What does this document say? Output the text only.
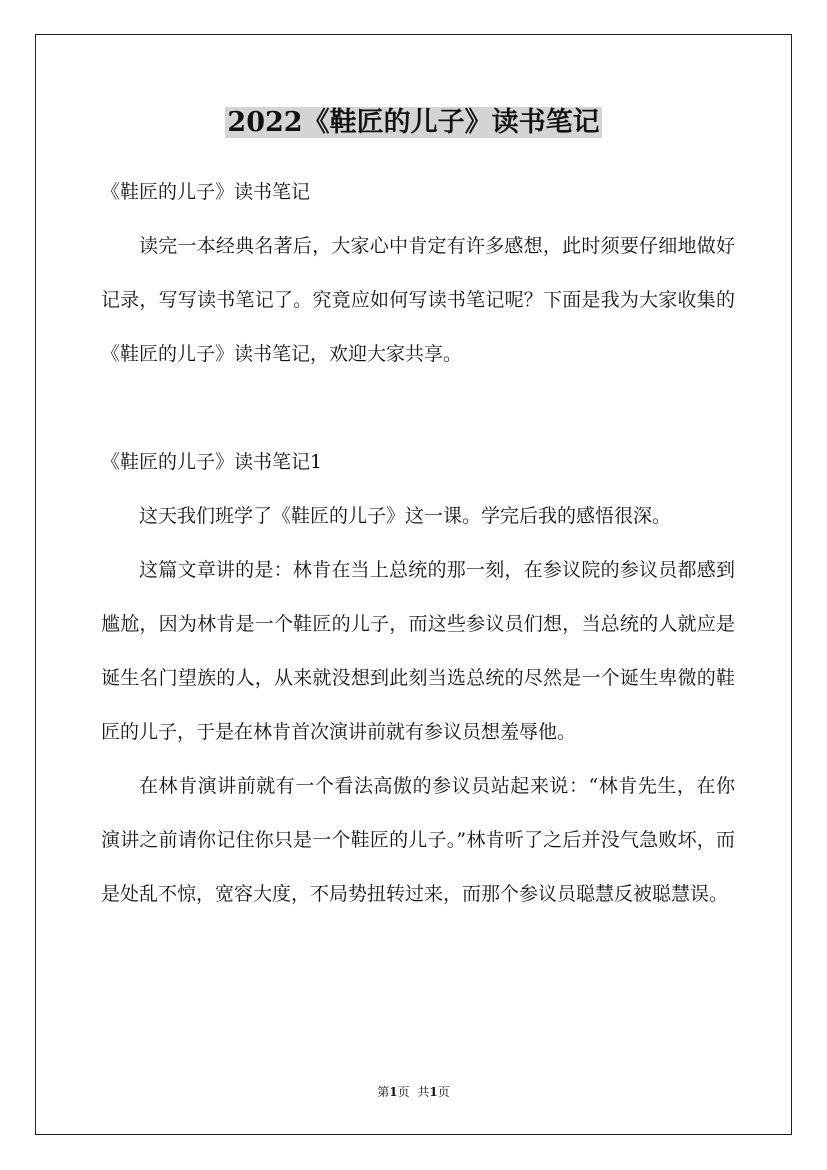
2022《鞋匠的儿子》读书笔记

《鞋匠的儿子》读书笔记

读完一本经典名著后，大家心中肯定有许多感想，此时须要仔细地做好记录，写写读书笔记了。究竟应如何写读书笔记呢？下面是我为大家收集的《鞋匠的儿子》读书笔记，欢迎大家共享。

《鞋匠的儿子》读书笔记1

这天我们班学了《鞋匠的儿子》这一课。学完后我的感悟很深。

这篇文章讲的是：林肯在当上总统的那一刻，在参议院的参议员都感到尴尬，因为林肯是一个鞋匠的儿子，而这些参议员们想，当总统的人就应是诞生名门望族的人，从来就没想到此刻当选总统的尽然是一个诞生卑微的鞋匠的儿子，于是在林肯首次演讲前就有参议员想羞辱他。

在林肯演讲前就有一个看法高傲的参议员站起来说：“林肯先生，在你演讲之前请你记住你只是一个鞋匠的儿子。”林肯听了之后并没气急败坏，而是处乱不惊，宽容大度，不局势扭转过来，而那个参议员聪慧反被聪慧误。

第1页 共1页
